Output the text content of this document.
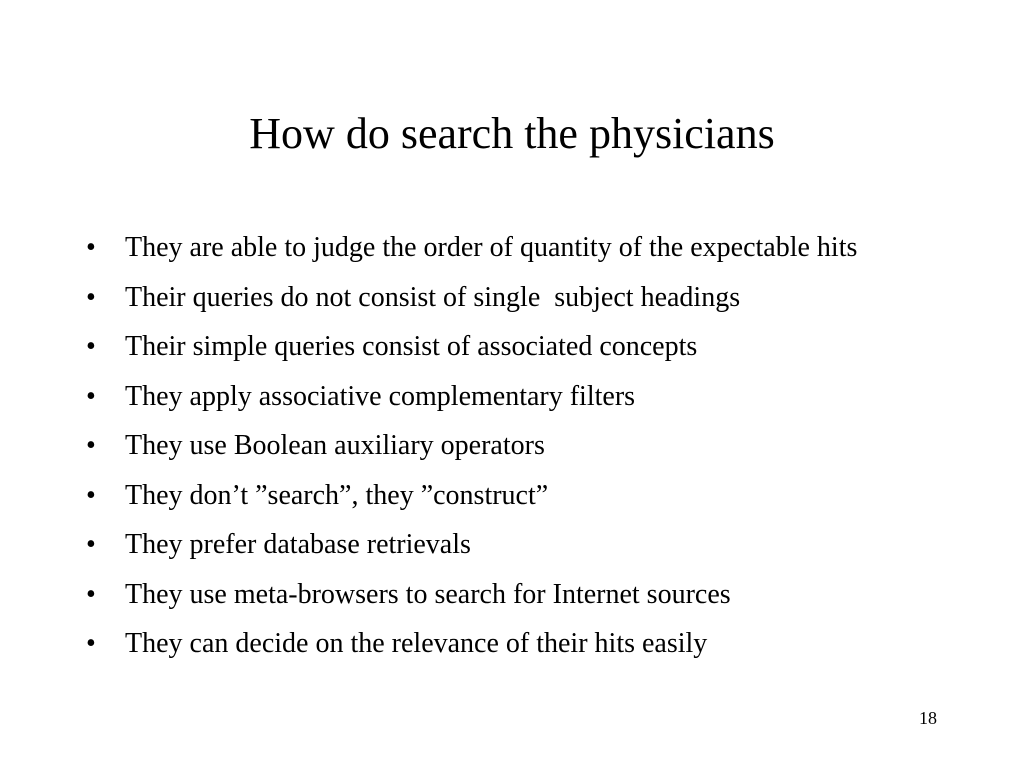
How do search the physicians
•	They are able to judge the order of quantity of the expectable hits
•	Their queries do not consist of single  subject headings
•	Their simple queries consist of associated concepts
•	They apply associative complementary filters
•	They use Boolean auxiliary operators
•	They don’t ”search”, they ”construct”
•	They prefer database retrievals
•	They use meta-browsers to search for Internet sources
•	They can decide on the relevance of their hits easily
18
